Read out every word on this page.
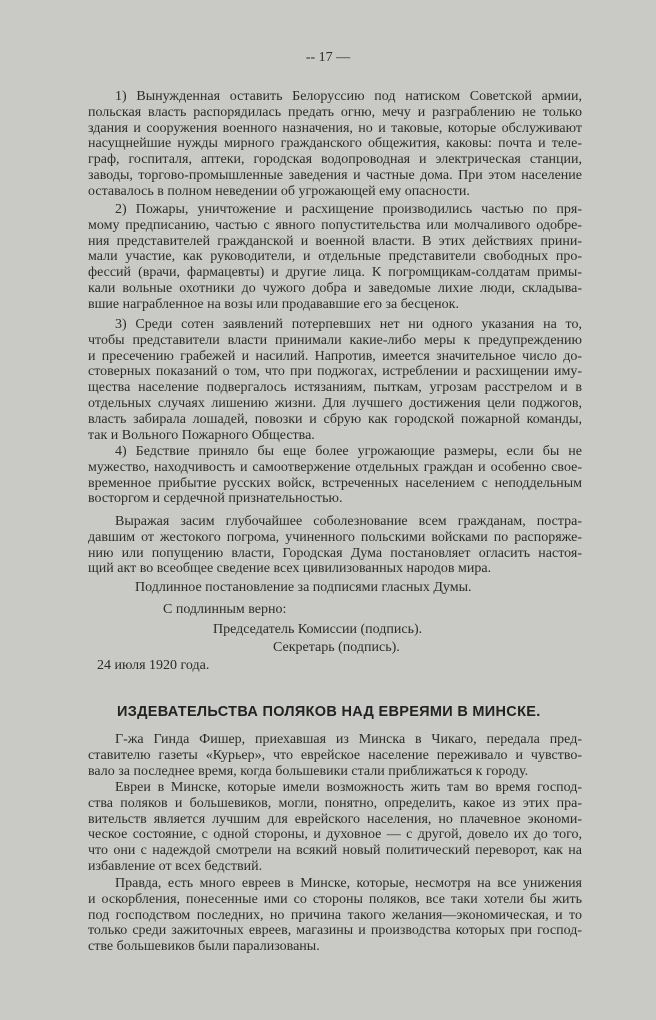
-- 17 —
1) Вынужденная оставить Белоруссию под натиском Советской армии,
польская власть распорядилась предать огню, мечу и разграблению не только
здания и сооружения военного назначения, но и таковые, которые обслуживают
насущнейшие нужды мирного гражданского общежития, каковы: почта и теле-
граф, госпиталя, аптеки, городская водопроводная и электрическая станции,
заводы, торгово-промышленные заведения и частные дома. При этом население
оставалось в полном неведении об угрожающей ему опасности.
2) Пожары, уничтожение и расхищение производились частью по пря-
мому предписанию, частью с явного попустительства или молчаливого одобре-
ния представителей гражданской и военной власти. В этих действиях прини-
мали участие, как руководители, и отдельные представители свободных про-
фессий (врачи, фармацевты) и другие лица. К погромщикам-солдатам примы-
кали вольные охотники до чужого добра и заведомые лихие люди, складыва-
вшие награбленное на возы или продававшие его за бесценок.
3) Среди сотен заявлений потерпевших нет ни одного указания на то,
чтобы представители власти принимали какие-либо меры к предупреждению
и пресечению грабежей и насилий. Напротив, имеется значительное число до-
стоверных показаний о том, что при поджогах, истреблении и расхищении иму-
щества население подвергалось истязаниям, пыткам, угрозам расстрелом и в
отдельных случаях лишению жизни. Для лучшего достижения цели поджогов,
власть забирала лошадей, повозки и сбрую как городской пожарной команды,
так и Вольного Пожарного Общества.
4) Бедствие приняло бы еще более угрожающие размеры, если бы не
мужество, находчивость и самоотвержение отдельных граждан и особенно свое-
временное прибытие русских войск, встреченных населением с неподдельным
восторгом и сердечной признательностью.
Выражая засим глубочайшее соболезнование всем гражданам, постра-
давшим от жестокого погрома, учиненного польскими войсками по распоряже-
нию или попущению власти, Городская Дума постановляет огласить настоя-
щий акт во всеобщее сведение всех цивилизованных народов мира.
Подлинное постановление за подписями гласных Думы.
С подлинным верно:
Председатель Комиссии (подпись).
Секретарь (подпись).
24 июля 1920 года.
ИЗДЕВАТЕЛЬСТВА ПОЛЯКОВ НАД ЕВРЕЯМИ В МИНСКЕ.
Г-жа Гинда Фишер, приехавшая из Минска в Чикаго, передала пред-
ставителю газеты «Курьер», что еврейское население переживало и чувство-
вало за последнее время, когда большевики стали приближаться к городу.
Евреи в Минске, которые имели возможность жить там во время господ-
ства поляков и большевиков, могли, понятно, определить, какое из этих пра-
вительств является лучшим для еврейского населения, но плачевное экономи-
ческое состояние, с одной стороны, и духовное — с другой, довело их до того,
что они с надеждой смотрели на всякий новый политический переворот, как на
избавление от всех бедствий.
Правда, есть много евреев в Минске, которые, несмотря на все унижения
и оскорбления, понесенные ими со стороны поляков, все таки хотели бы жить
под господством последних, но причина такого желания—экономическая, и то
только среди зажиточных евреев, магазины и производства которых при господ-
стве большевиков были парализованы.
